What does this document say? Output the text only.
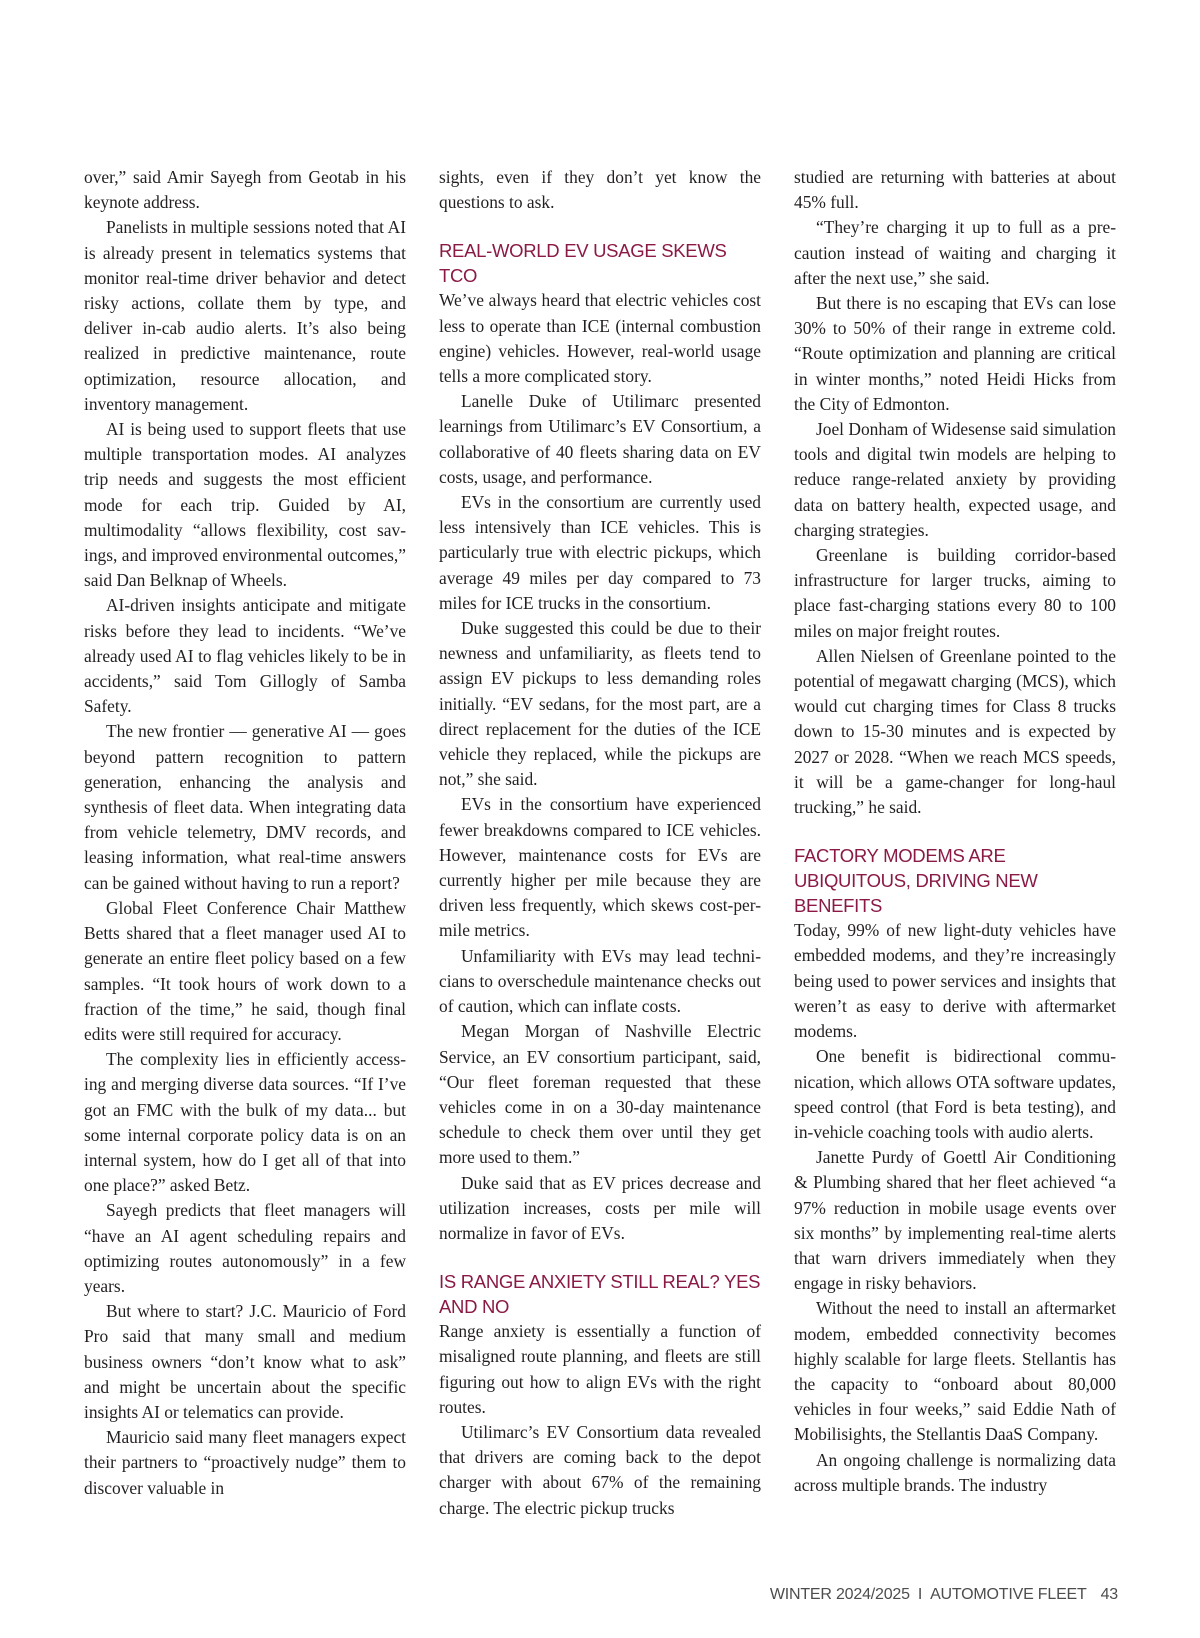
over,” said Amir Sayegh from Geotab in his keynote address.

Panelists in multiple sessions noted that AI is already present in telematics systems that monitor real-time driver behavior and detect risky actions, collate them by type, and deliver in-cab audio alerts. It’s also being realized in predictive maintenance, route optimization, resource allocation, and inventory management.

AI is being used to support fleets that use multiple transportation modes. AI analyzes trip needs and suggests the most efficient mode for each trip. Guided by AI, multimodality “allows flexibility, cost savings, and improved environmental outcomes,” said Dan Belknap of Wheels.

AI-driven insights anticipate and mitigate risks before they lead to incidents. “We’ve already used AI to flag vehicles likely to be in accidents,” said Tom Gillogly of Samba Safety.

The new frontier — generative AI — goes beyond pattern recognition to pattern generation, enhancing the analysis and synthesis of fleet data. When integrating data from vehicle telemetry, DMV records, and leasing information, what real-time answers can be gained without having to run a report?

Global Fleet Conference Chair Matthew Betts shared that a fleet manager used AI to generate an entire fleet policy based on a few samples. “It took hours of work down to a fraction of the time,” he said, though final edits were still required for accuracy.

The complexity lies in efficiently accessing and merging diverse data sources. “If I’ve got an FMC with the bulk of my data... but some internal corporate policy data is on an internal system, how do I get all of that into one place?” asked Betz.

Sayegh predicts that fleet managers will “have an AI agent scheduling repairs and optimizing routes autonomously” in a few years.

But where to start? J.C. Mauricio of Ford Pro said that many small and medium business owners “don’t know what to ask” and might be uncertain about the specific insights AI or telematics can provide.

Mauricio said many fleet managers expect their partners to “proactively nudge” them to discover valuable in

sights, even if they don’t yet know the questions to ask.

REAL-WORLD EV USAGE SKEWS TCO

We’ve always heard that electric vehicles cost less to operate than ICE (internal combustion engine) vehicles. However, real-world usage tells a more complicated story.

Lanelle Duke of Utilimarc presented learnings from Utilimarc’s EV Consortium, a collaborative of 40 fleets sharing data on EV costs, usage, and performance.

EVs in the consortium are currently used less intensively than ICE vehicles. This is particularly true with electric pickups, which average 49 miles per day compared to 73 miles for ICE trucks in the consortium.

Duke suggested this could be due to their newness and unfamiliarity, as fleets tend to assign EV pickups to less demanding roles initially. “EV sedans, for the most part, are a direct replacement for the duties of the ICE vehicle they replaced, while the pickups are not,” she said.

EVs in the consortium have experienced fewer breakdowns compared to ICE vehicles. However, maintenance costs for EVs are currently higher per mile because they are driven less frequently, which skews cost-per-mile metrics.

Unfamiliarity with EVs may lead technicians to overschedule maintenance checks out of caution, which can inflate costs.

Megan Morgan of Nashville Electric Service, an EV consortium participant, said, “Our fleet foreman requested that these vehicles come in on a 30-day maintenance schedule to check them over until they get more used to them.”

Duke said that as EV prices decrease and utilization increases, costs per mile will normalize in favor of EVs.

IS RANGE ANXIETY STILL REAL? YES AND NO

Range anxiety is essentially a function of misaligned route planning, and fleets are still figuring out how to align EVs with the right routes.

Utilimarc’s EV Consortium data revealed that drivers are coming back to the depot charger with about 67% of the remaining charge. The electric pickup trucks

studied are returning with batteries at about 45% full.

“They’re charging it up to full as a precaution instead of waiting and charging it after the next use,” she said.

But there is no escaping that EVs can lose 30% to 50% of their range in extreme cold. “Route optimization and planning are critical in winter months,” noted Heidi Hicks from the City of Edmonton.

Joel Donham of Widesense said simulation tools and digital twin models are helping to reduce range-related anxiety by providing data on battery health, expected usage, and charging strategies.

Greenlane is building corridor-based infrastructure for larger trucks, aiming to place fast-charging stations every 80 to 100 miles on major freight routes.

Allen Nielsen of Greenlane pointed to the potential of megawatt charging (MCS), which would cut charging times for Class 8 trucks down to 15-30 minutes and is expected by 2027 or 2028. “When we reach MCS speeds, it will be a game-changer for long-haul trucking,” he said.

FACTORY MODEMS ARE UBIQUITOUS, DRIVING NEW BENEFITS

Today, 99% of new light-duty vehicles have embedded modems, and they’re increasingly being used to power services and insights that weren’t as easy to derive with aftermarket modems.

One benefit is bidirectional communication, which allows OTA software updates, speed control (that Ford is beta testing), and in-vehicle coaching tools with audio alerts.

Janette Purdy of Goettl Air Conditioning & Plumbing shared that her fleet achieved “a 97% reduction in mobile usage events over six months” by implementing real-time alerts that warn drivers immediately when they engage in risky behaviors.

Without the need to install an aftermarket modem, embedded connectivity becomes highly scalable for large fleets. Stellantis has the capacity to “onboard about 80,000 vehicles in four weeks,” said Eddie Nath of Mobilisights, the Stellantis DaaS Company.

An ongoing challenge is normalizing data across multiple brands. The industry

WINTER 2024/2025 I AUTOMOTIVE FLEET 43
